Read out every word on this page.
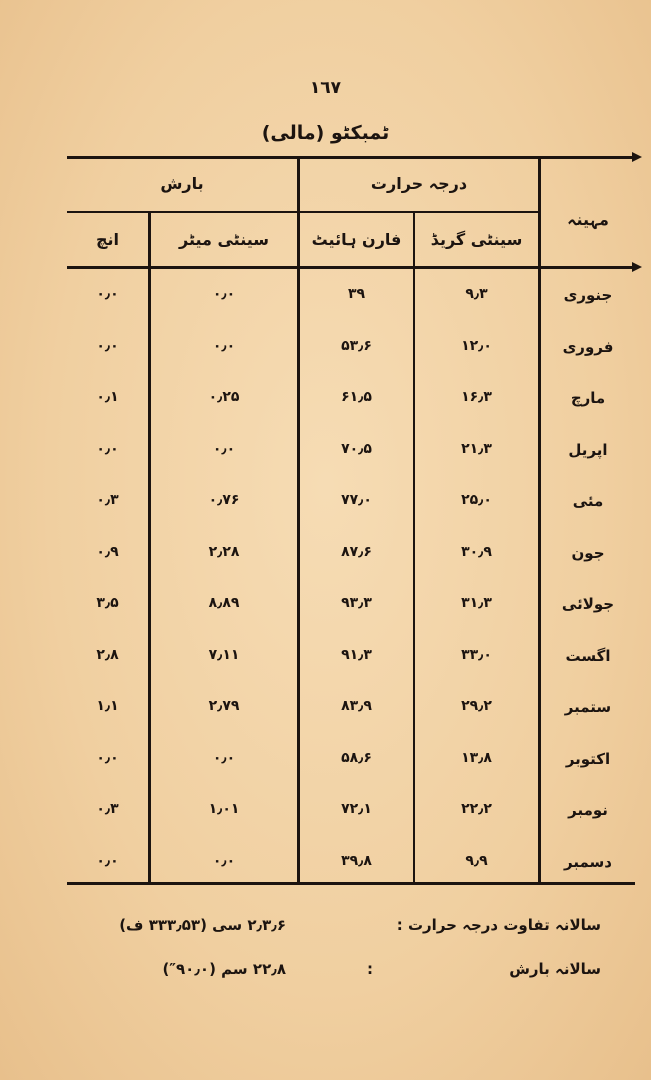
١٦٧
ٹمبکٹو (مالی)
مہینہ
درجہ حرارت
بارش
سینٹی گریڈ
فارن ہائیٹ
سینٹی میٹر
انچ
جنوری
۹٫۳
۳۹
۰٫۰
۰٫۰
فروری
۱۲٫۰
۵۳٫۶
۰٫۰
۰٫۰
مارچ
۱۶٫۳
۶۱٫۵
۰٫۲۵
۰٫۱
اپریل
۲۱٫۳
۷۰٫۵
۰٫۰
۰٫۰
مئی
۲۵٫۰
۷۷٫۰
۰٫۷۶
۰٫۳
جون
۳۰٫۹
۸۷٫۶
۲٫۲۸
۰٫۹
جولائی
۳۱٫۳
۹۳٫۳
۸٫۸۹
۳٫۵
اگست
۳۳٫۰
۹۱٫۳
۷٫۱۱
۲٫۸
ستمبر
۲۹٫۲
۸۳٫۹
۲٫۷۹
۱٫۱
اکتوبر
۱۳٫۸
۵۸٫۶
۰٫۰
۰٫۰
نومبر
۲۲٫۲
۷۲٫۱
۱٫۰۱
۰٫۳
دسمبر
۹٫۹
۳۹٫۸
۰٫۰
۰٫۰
سالانہ تفاوت درجہ حرارت :
۲٫۳٫۶ سی (۳۳۳٫۵۳ ف)
سالانہ بارش
:
۲۲٫۸ سم (۹۰٫۰″)
